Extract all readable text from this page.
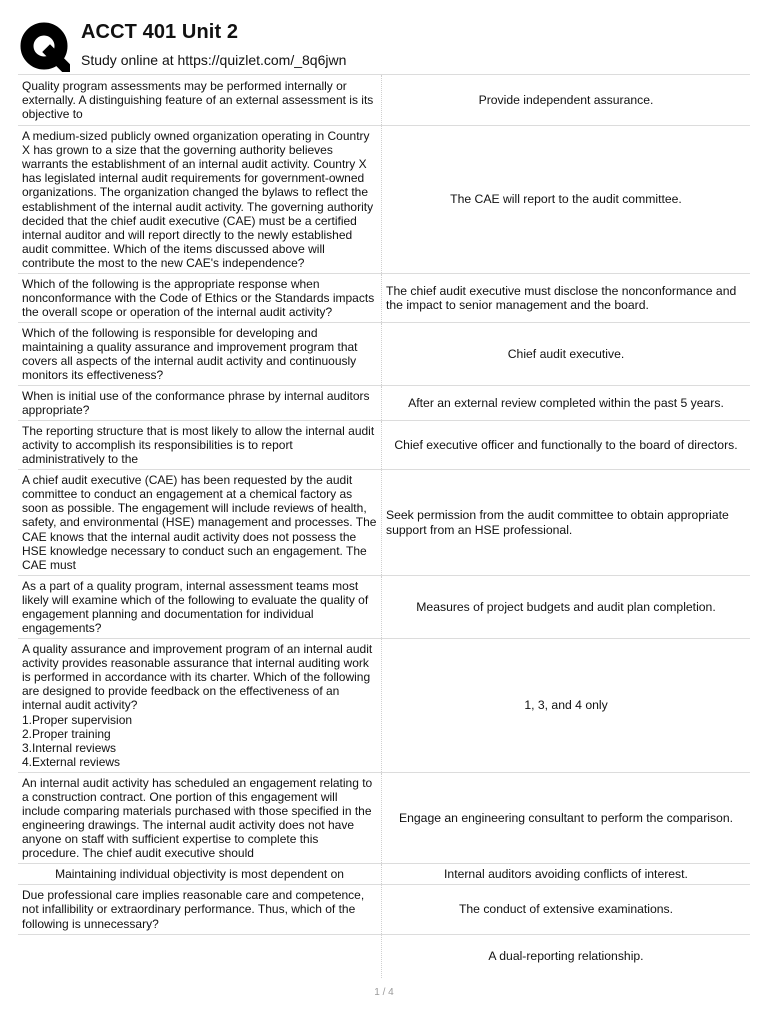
ACCT 401 Unit 2
Study online at https://quizlet.com/_8q6jwn
Quality program assessments may be performed internally or externally. A distinguishing feature of an external assessment is its objective to
Provide independent assurance.
A medium-sized publicly owned organization operating in Country X has grown to a size that the governing authority believes warrants the establishment of an internal audit activity. Country X has legislated internal audit requirements for government-owned organizations. The organization changed the bylaws to reflect the establishment of the internal audit activity. The governing authority decided that the chief audit executive (CAE) must be a certified internal auditor and will report directly to the newly established audit committee. Which of the items discussed above will contribute the most to the new CAE's independence?
The CAE will report to the audit committee.
Which of the following is the appropriate response when nonconformance with the Code of Ethics or the Standards impacts the overall scope or operation of the internal audit activity?
The chief audit executive must disclose the nonconformance and the impact to senior management and the board.
Which of the following is responsible for developing and maintaining a quality assurance and improvement program that covers all aspects of the internal audit activity and continuously monitors its effectiveness?
Chief audit executive.
When is initial use of the conformance phrase by internal auditors appropriate?
After an external review completed within the past 5 years.
The reporting structure that is most likely to allow the internal audit activity to accomplish its responsibilities is to report administratively to the
Chief executive officer and functionally to the board of directors.
A chief audit executive (CAE) has been requested by the audit committee to conduct an engagement at a chemical factory as soon as possible. The engagement will include reviews of health, safety, and environmental (HSE) management and processes. The CAE knows that the internal audit activity does not possess the HSE knowledge necessary to conduct such an engagement. The CAE must
Seek permission from the audit committee to obtain appropriate support from an HSE professional.
As a part of a quality program, internal assessment teams most likely will examine which of the following to evaluate the quality of engagement planning and documentation for individual engagements?
Measures of project budgets and audit plan completion.
A quality assurance and improvement program of an internal audit activity provides reasonable assurance that internal auditing work is performed in accordance with its charter. Which of the following are designed to provide feedback on the effectiveness of an internal audit activity?
1.Proper supervision
2.Proper training
3.Internal reviews
4.External reviews
1, 3, and 4 only
An internal audit activity has scheduled an engagement relating to a construction contract. One portion of this engagement will include comparing materials purchased with those specified in the engineering drawings. The internal audit activity does not have anyone on staff with sufficient expertise to complete this procedure. The chief audit executive should
Engage an engineering consultant to perform the comparison.
Maintaining individual objectivity is most dependent on	Internal auditors avoiding conflicts of interest.
Due professional care implies reasonable care and competence, not infallibility or extraordinary performance. Thus, which of the following is unnecessary?
The conduct of extensive examinations.
A dual-reporting relationship.
1 / 4
